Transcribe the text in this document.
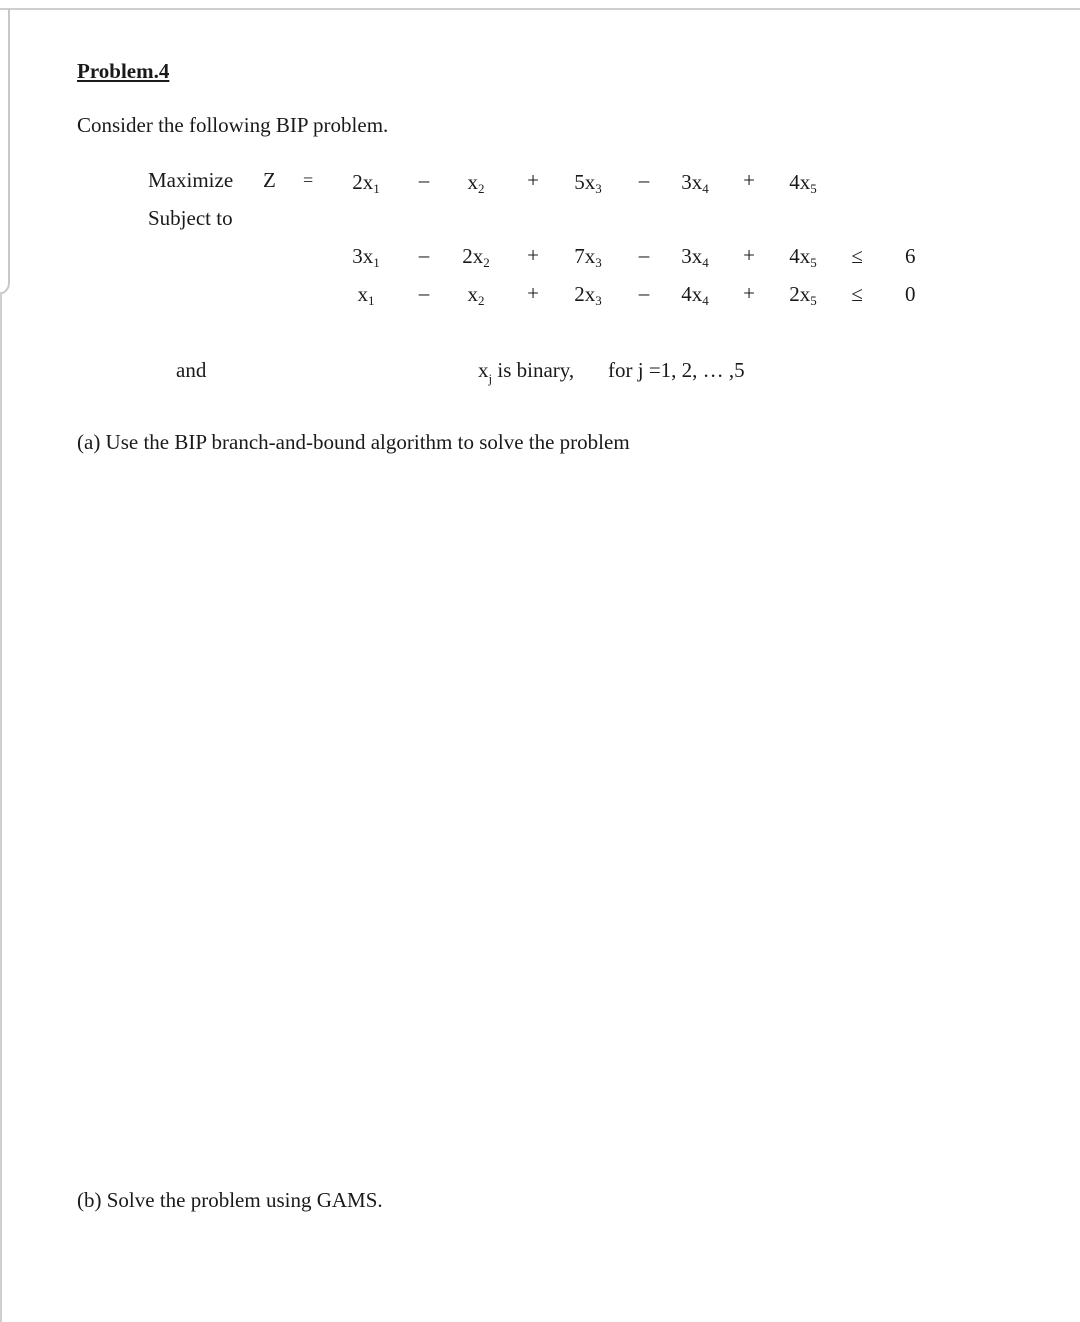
Problem.4
Consider the following BIP problem.
Maximize Z =	2x1	–	x2	+	5x3	–	3x4	+	4x5
Subject to
3x1	–	2x2	+	7x3	–	3x4	+	4x5	≤ 6
x1	–	x2	+	2x3	–	4x4	+	2x5	≤ 0
and	$x_j$ is binary, for j =1, 2, … ,5
(a) Use the BIP branch-and-bound algorithm to solve the problem
(b) Solve the problem using GAMS.
